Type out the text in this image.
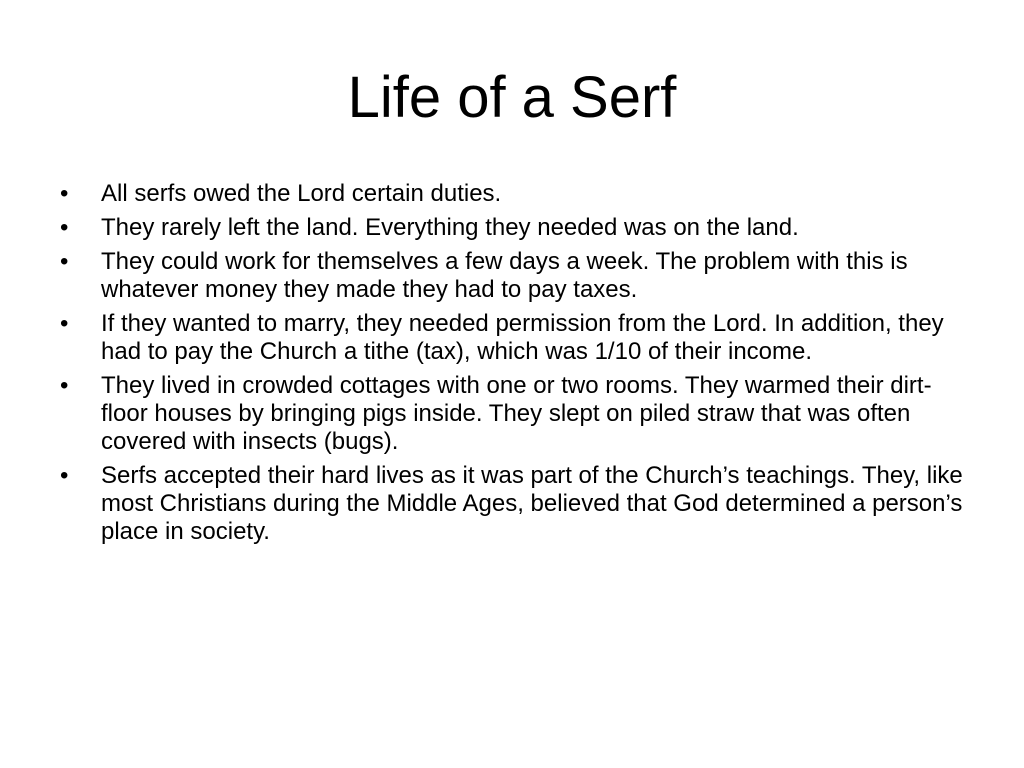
Life of a Serf
•	All serfs owed the Lord certain duties.
•	They rarely left the land. Everything they needed was on the land.
•	They could work for themselves a few days a week. The problem with this is whatever money they made they had to pay taxes.
•	If they wanted to marry, they needed permission from the Lord. In addition, they had to pay the Church a tithe (tax), which was 1/10 of their income.
•	They lived in crowded cottages with one or two rooms. They warmed their dirt-floor houses by bringing pigs inside. They slept on piled straw that was often covered with insects (bugs).
•	Serfs accepted their hard lives as it was part of the Church’s teachings. They, like most Christians during the Middle Ages, believed that God determined a person’s place in society.
